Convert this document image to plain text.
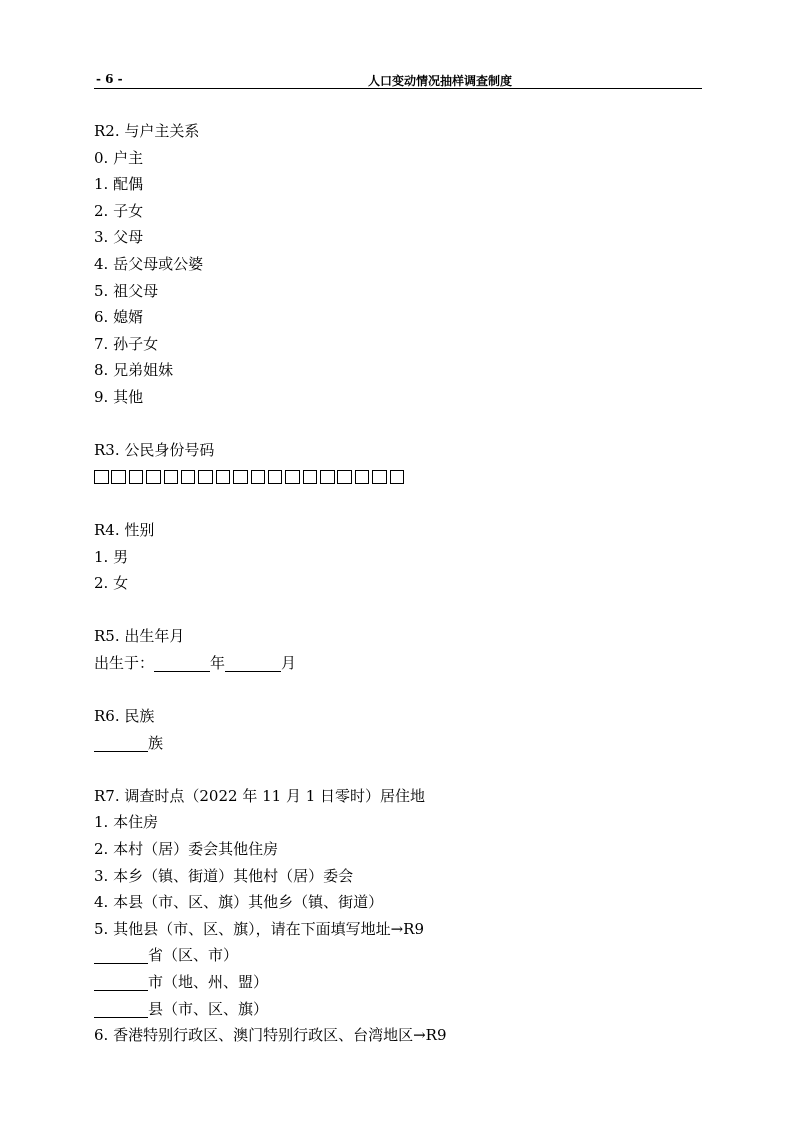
- 6 -	人口变动情况抽样调查制度
R2. 与户主关系
0. 户主
1. 配偶
2. 子女
3. 父母
4. 岳父母或公婆
5. 祖父母
6. 媳婿
7. 孙子女
8. 兄弟姐妹
9. 其他
R3. 公民身份号码
R4. 性别
1. 男
2. 女
R5. 出生年月
出生于：	年	月
R6. 民族
族
R7. 调查时点（2022 年 11 月 1 日零时）居住地
1. 本住房
2. 本村（居）委会其他住房
3. 本乡（镇、街道）其他村（居）委会
4. 本县（市、区、旗）其他乡（镇、街道）
5. 其他县（市、区、旗），请在下面填写地址→R9
省（区、市）
市（地、州、盟）
县（市、区、旗）
6. 香港特别行政区、澳门特别行政区、台湾地区→R9
